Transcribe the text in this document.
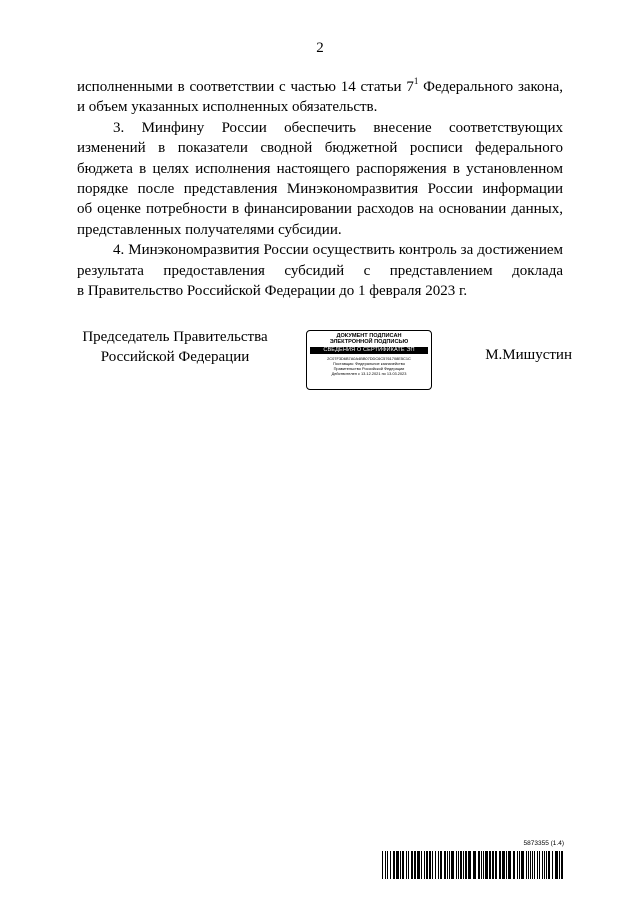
2

исполненными в соответствии с частью 14 статьи $7^1$ Федерального закона,
и объем указанных исполненных обязательств.

3. Минфину России обеспечить внесение соответствующих
изменений в показатели сводной бюджетной росписи федерального
бюджета в целях исполнения настоящего распоряжения в установленном
порядке после представления Минэкономразвития России информации
об оценке потребности в финансировании расходов на основании данных,
представленных получателями субсидии.

4. Минэкономразвития России осуществить контроль за достижением
результата предоставления субсидий с представлением доклада
в Правительство Российской Федерации до 1 февраля 2023 г.

Председатель Правительства
Российской Федерации
ДОКУМЕНТ ПОДПИСАН
ЭЛЕКТРОННОЙ ПОДПИСЬЮ
СВЕДЕНИЯ О СЕРТИФИКАТЕ ЭП
2C07F3D6B7A0A4BB07DDC6C5761708E5C1C
Поставщик: Федеральное казначейство
Правительство Российской Федерации
Действителен с 13.12.2021 по 13.03.2023
М.Мишустин
5873355 (1.4)
